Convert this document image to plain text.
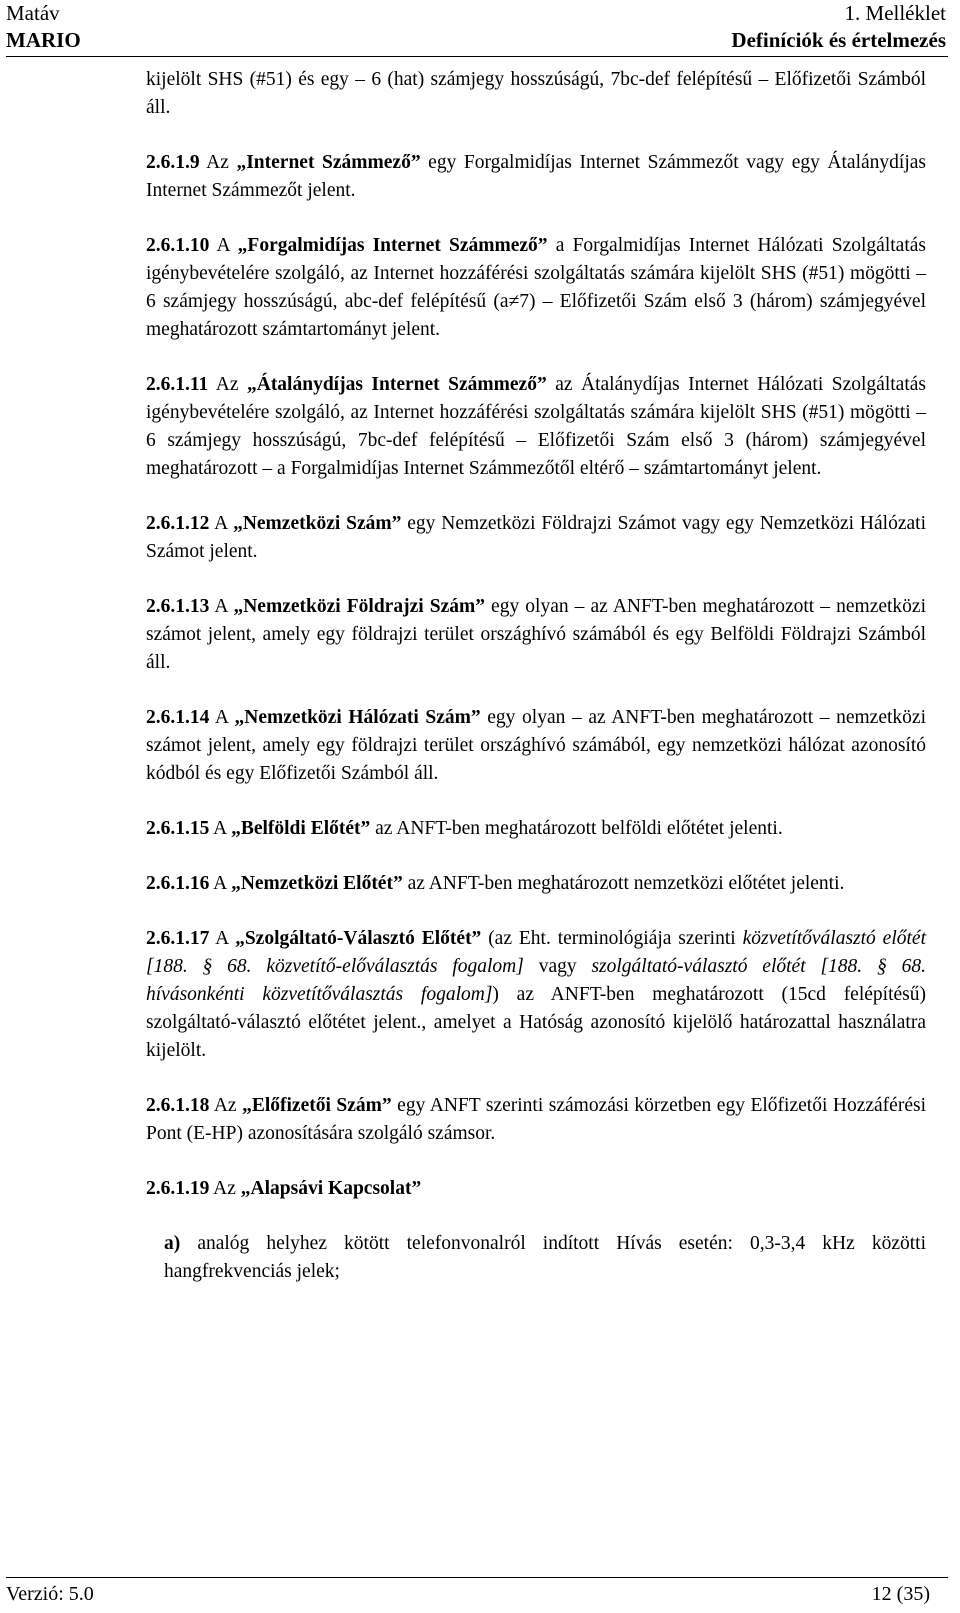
Matáv
MARIO
1. Melléklet
Definíciók és értelmezés

kijelölt SHS (#51) és egy – 6 (hat) számjegy hosszúságú, 7bc-def felépítésű – Előfizetői Számból áll.

2.6.1.9 Az „Internet Számmező” egy Forgalmidíjas Internet Számmezőt vagy egy Átalánydíjas Internet Számmezőt jelent.

2.6.1.10 A „Forgalmidíjas Internet Számmező” a Forgalmidíjas Internet Hálózati Szolgáltatás igénybevételére szolgáló, az Internet hozzáférési szolgáltatás számára kijelölt SHS (#51) mögötti – 6 számjegy hosszúságú, abc-def felépítésű (a≠7) – Előfizetői Szám első 3 (három) számjegyével meghatározott számtartományt jelent.

2.6.1.11 Az „Átalánydíjas Internet Számmező” az Átalánydíjas Internet Hálózati Szolgáltatás igénybevételére szolgáló, az Internet hozzáférési szolgáltatás számára kijelölt SHS (#51) mögötti – 6 számjegy hosszúságú, 7bc-def felépítésű – Előfizetői Szám első 3 (három) számjegyével meghatározott – a Forgalmidíjas Internet Számmezőtől eltérő – számtartományt jelent.

2.6.1.12 A „Nemzetközi Szám” egy Nemzetközi Földrajzi Számot vagy egy Nemzetközi Hálózati Számot jelent.

2.6.1.13 A „Nemzetközi Földrajzi Szám” egy olyan – az ANFT-ben meghatározott – nemzetközi számot jelent, amely egy földrajzi terület országhívó számából és egy Belföldi Földrajzi Számból áll.

2.6.1.14 A „Nemzetközi Hálózati Szám” egy olyan – az ANFT-ben meghatározott – nemzetközi számot jelent, amely egy földrajzi terület országhívó számából, egy nemzetközi hálózat azonosító kódból és egy Előfizetői Számból áll.

2.6.1.15 A „Belföldi Előtét” az ANFT-ben meghatározott belföldi előtétet jelenti.

2.6.1.16 A „Nemzetközi Előtét” az ANFT-ben meghatározott nemzetközi előtétet jelenti.

2.6.1.17 A „Szolgáltató-Választó Előtét” (az Eht. terminológiája szerinti közvetítőválasztó előtét [188. § 68. közvetítő-előválasztás fogalom] vagy szolgáltató-választó előtét [188. § 68. hívásonkénti közvetítőválasztás fogalom]) az ANFT-ben meghatározott (15cd felépítésű) szolgáltató-választó előtétet jelent., amelyet a Hatóság azonosító kijelölő határozattal használatra kijelölt.

2.6.1.18 Az „Előfizetői Szám” egy ANFT szerinti számozási körzetben egy Előfizetői Hozzáférési Pont (E-HP) azonosítására szolgáló számsor.

2.6.1.19 Az „Alapsávi Kapcsolat”

a) analóg helyhez kötött telefonvonalról indított Hívás esetén: 0,3-3,4 kHz közötti hangfrekvenciás jelek;

Verzió: 5.0	12 (35)
